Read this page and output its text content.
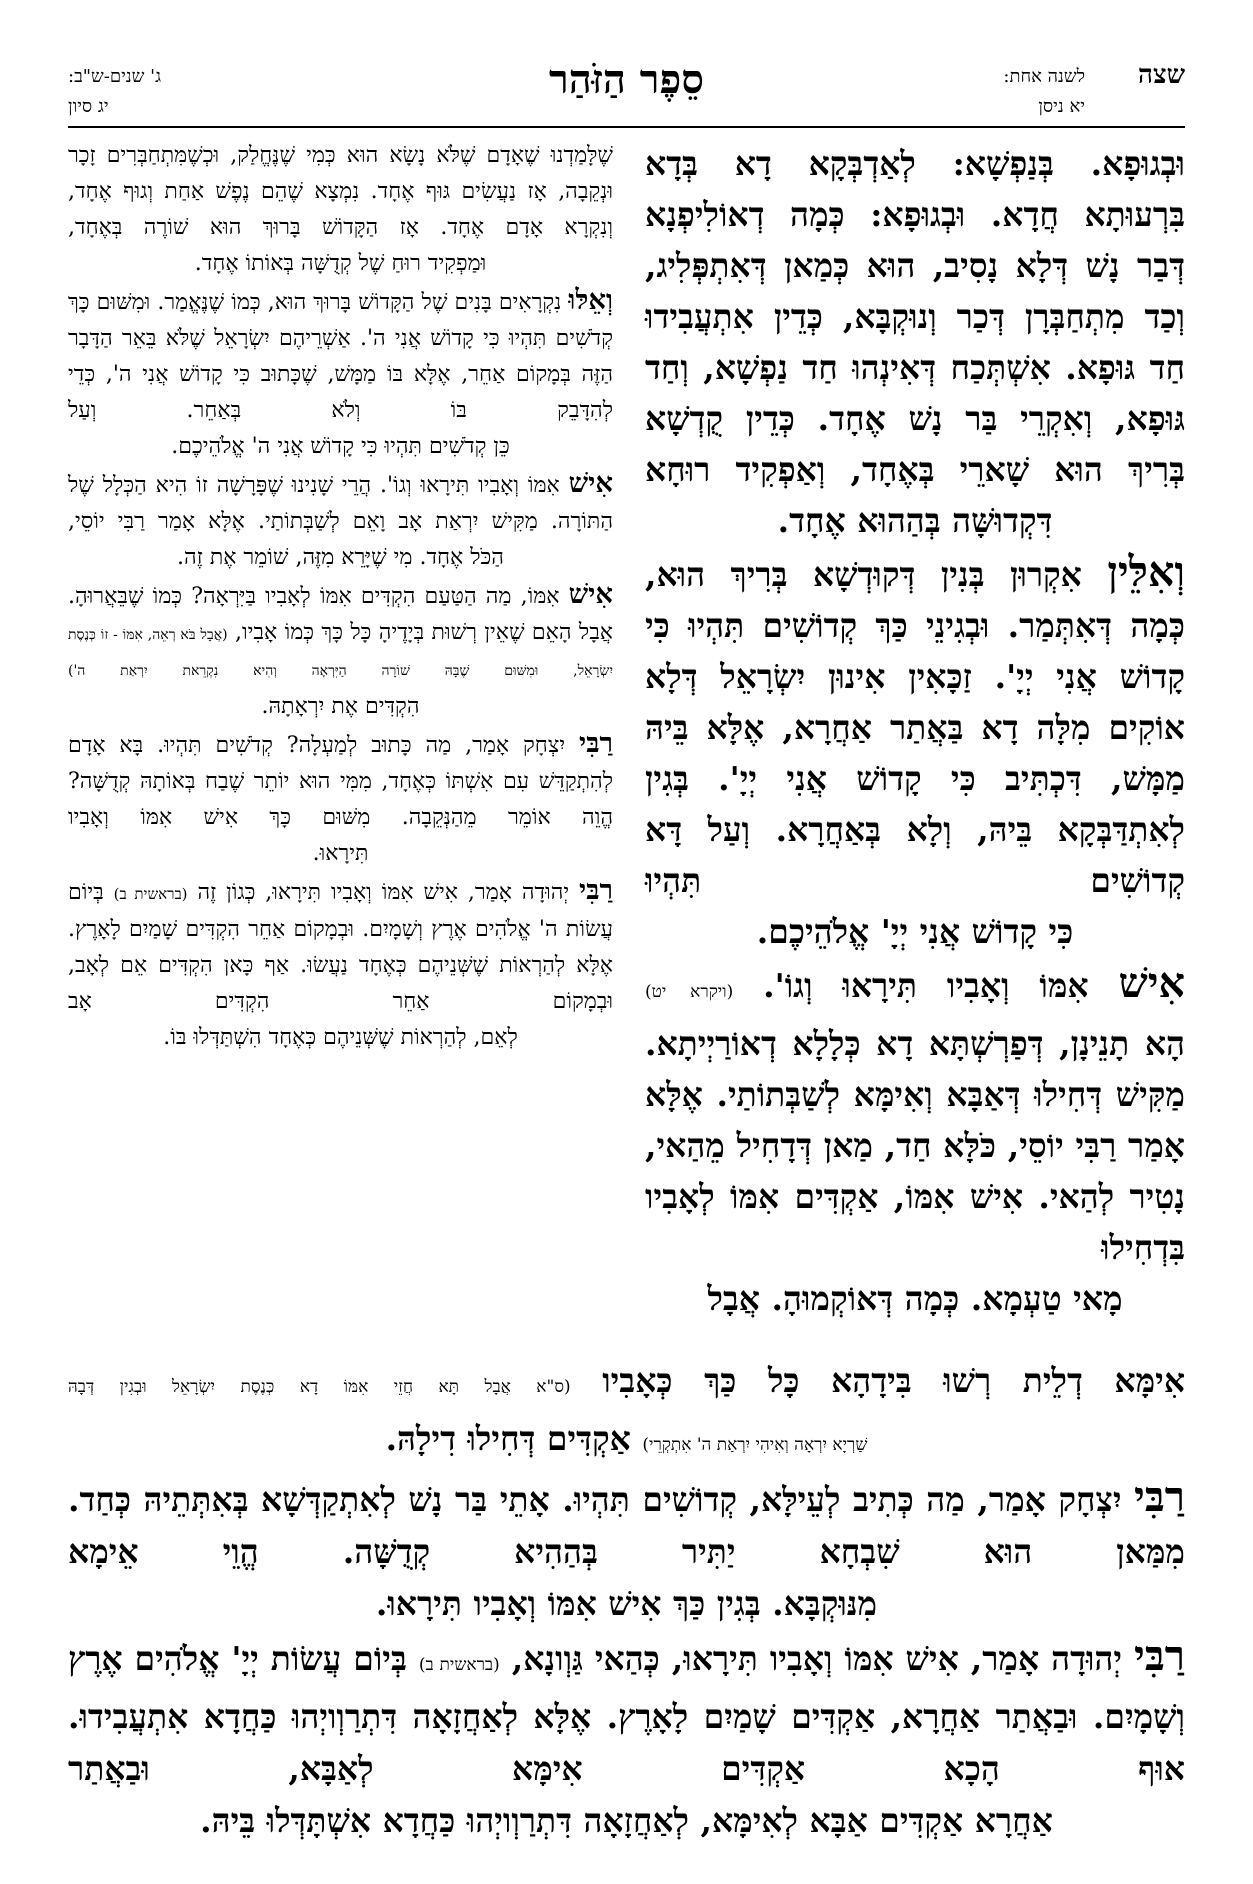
שצה
לשנה אחת:
יא ניסן
סֵפֶר הַזֹּהַר
ג' שנים-ש"ב:
יג סיון

וּבְגוּפָא. בְּנַפְשָׁא: לְאַדְבְּקָא דָא בְּדָא בִּרְעוּתָא חֲדָא. וּבְגוּפָא: כְּמָה דְאוֹלִיפְנָא דְּבַר נָשׁ דְּלָא נָסִיב, הוּא כְּמַאן דְּאִתְפְּלִיג, וְכַד מִתְחַבְּרָן דְּכַר וְנוּקְבָּא, כְּדֵין אִתְעֲבִידוּ חַד גּוּפָא. אִשְׁתְּכַח דְּאִינְהוּ חַד נַפְשָׁא, וְחַד גּוּפָא, וְאִקְרֵי בַּר נָשׁ אֶחָד. כְּדֵין קֻדְשָׁא בְּרִיךְ הוּא שָׁארֵי בְּאֶחָד, וְאַפְקִיד רוּחָא

דִּקְדוּשָּׁה בְּהַהוּא אֶחָד.

וְאִלֵּין אִקְרוּן בְּנִין דְּקוּדְשָׁא בְּרִיךְ הוּא,

כְּמָה דְּאִתְּמַר. וּבְגִינֵי כַּךְ קְדוֹשִׁים תִּהְיוּ כִּי קָדוֹשׁ אֲנִי יְיָ'. זַכָּאִין אִינוּן יִשְׂרָאֵל דְּלָא אוֹקִים מִלָּה דָא בַּאֲתַר אַחֲרָא, אֶלָּא בֵּיהּ מַמָּשׁ, דִּכְתִּיב כִּי קָדוֹשׁ אֲנִי יְיָ'. בְּגִין לְאִתְדַּבְּקָא בֵּיהּ, וְלָא בְּאַחֲרָא. וְעַל דָּא קְדוֹשִׁים תִּהְיוּ

כִּי קָדוֹשׁ אֲנִי יְיָ' אֱלֹהֵיכֶם.

אִישׁ אִמּוֹ וְאָבִיו תִּירָאוּ וְגוֹ'. (ויקרא יט)

הָא תָנֵינָן, דְּפַרְשְׁתָּא דָא כְּלָלָא דְאוֹרַיְיתָא. מַקִּישׁ דְּחִילוּ דְּאַבָּא וְאִימָּא לְשַׁבְּתוֹתַי. אֶלָּא אָמַר רַבִּי יוֹסֵי, כֹּלָּא חַד, מַאן דְּדָחִיל מֵהַאי, נָטִיר לְהַאי. אִישׁ אִמּוֹ, אַקְדִּים אִמּוֹ לְאָבִיו בִּדְחִילוּ

מָאי טַעְמָא. כְּמָה דְּאוֹקְמוּהָ. אֲבָל

שֶׁלָּמַדְנוּ שֶׁאָדָם שֶׁלֹּא נָשָׂא הוּא כְּמִי שֶׁנֶּחֱלַק, וּכְשֶׁמִּתְחַבְּרִים זָכָר וּנְקֵבָה, אָז נַעֲשִׂים גּוּף אֶחָד. נִמְצָא שֶׁהֵם נֶפֶשׁ אַחַת וְגוּף אֶחָד, וְנִקְרָא אָדָם אֶחָד. אָז הַקָּדוֹשׁ בָּרוּךְ הוּא שׁוֹרֶה בְּאֶחָד,

וּמַפְקִיד רוּחַ שֶׁל קְדֻשָּׁה בְּאוֹתוֹ אֶחָד.

וְאֵלּוּ נִקְרָאִים בָּנִים שֶׁל הַקָּדוֹשׁ בָּרוּךְ הוּא, כְּמוֹ שֶׁנֶּאֱמַר. וּמִשּׁוּם כָּךְ קְדֹשִׁים תִּהְיוּ כִּי קָדוֹשׁ אֲנִי ה'. אַשְׁרֵיהֶם יִשְׂרָאֵל שֶׁלֹּא בֵּאֵר הַדָּבָר הַזֶּה בְּמָקוֹם אַחֵר, אֶלָּא בּוֹ מַמָּשׁ, שֶׁכָּתוּב כִּי קָדוֹשׁ אֲנִי ה', כְּדֵי לְהִדָּבֵק בּוֹ וְלֹא בְּאַחֵר. וְעַל

כֵּן קְדֹשִׁים תִּהְיוּ כִּי קָדוֹשׁ אֲנִי ה' אֱלֹהֵיכֶם.

אִישׁ אִמּוֹ וְאָבִיו תִּירָאוּ וְגוֹ'. הֲרֵי שָׁנִינוּ שֶׁפָּרָשָׁה זוֹ הִיא הַכְּלָל שֶׁל הַתּוֹרָה. מַקִּישׁ יִרְאַת אָב וָאֵם לְשַׁבְּתוֹתַי. אֶלָּא אָמַר רַבִּי יוֹסֵי,

הַכֹּל אֶחָד. מִי שֶׁיָּרֵא מִזֶּה, שׁוֹמֵר אֶת זֶה.

אִישׁ אִמּוֹ, מַה הַטַּעַם הִקְדִּים אִמּוֹ לְאָבִיו בַּיִּרְאָה? כְּמוֹ שֶׁבֵּאֲרוּהָ. אֲבָל הָאֵם שֶׁאֵין רְשׁוּת בְּיָדֶיהָ כָּל כָּךְ כְּמוֹ אָבִיו, (אֲבָל בֹּא רְאֵה, אִמּוֹ - זוֹ כְּנֶסֶת

יִשְׂרָאֵל, וּמִשּׁוּם שֶׁבָּהּ שׁוֹרָה הַיִּרְאָה וְהִיא נִקְרֵאת יִרְאַת ה')

הִקְדִּים אֶת יִרְאָתָהּ.

רַבִּי יִצְחָק אָמַר, מַה כָּתוּב לְמַעְלָה? קְדֹשִׁים תִּהְיוּ. בָּא אָדָם לְהִתְקַדֵּשׁ עִם אִשְׁתּוֹ כְּאֶחָד, מִמִּי הוּא יוֹתֵר שֶׁבַח בְּאוֹתָהּ קְדֻשָּׁה? הֱוֵה אוֹמֵר מֵהַנְּקֵבָה. מִשּׁוּם כָּךְ אִישׁ אִמּוֹ וְאָבִיו

תִּירָאוּ.

רַבִּי יְהוּדָה אָמַר, אִישׁ אִמּוֹ וְאָבִיו תִּירָאוּ, כְּגוֹן זֶה (בראשית ב) בְּיוֹם עֲשׂוֹת ה' אֱלֹהִים אֶרֶץ וְשָׁמָיִם. וּבְמָקוֹם אַחֵר הִקְדִּים שָׁמַיִם לָאָרֶץ. אֶלָּא לְהַרְאוֹת שֶׁשְּׁנֵיהֶם כְּאֶחָד נַעֲשׂוּ. אַף כָּאן הִקְדִּים אֵם לְאָב, וּבְמָקוֹם אַחֵר הִקְדִּים אָב

לְאֵם, לְהַרְאוֹת שֶׁשְּׁנֵיהֶם כְּאֶחָד הִשְׁתַּדְּלוּ בּוֹ.

אִימָּא דְלֵית רְשׁוּ בִּידָהָא כָּל כַּךְ כְּאָבִיו (ס"א אֲבָל תָּא חֲזֵי אִמּוֹ דָא כְּנֶסֶת יִשְׂרָאֵל וּבְגִין דְּבָהּ

שַׁרְיָא יִרְאָה וְאִיהִי יִרְאַת ה' אִתְקְרֵי) אַקְדִּים דְּחִילוּ דִילָהּ.

רַבִּי יִצְחָק אָמַר, מַה כְּתִיב לְעֵילָּא, קְדוֹשִׁים תִּהְיוּ. אָתֵי בַּר נָשׁ לְאִתְקַדְּשָׁא בְּאִתְּתֵיהּ כְּחַד. מִמַּאן הוּא שִׁבְחָא יַתִּיר בְּהַהִיא קְדֻשָּׁה. הֱוֵי אֵימָא

מִנּוּקְבָּא. בְּגִין כַּךְ אִישׁ אִמּוֹ וְאָבִיו תִּירָאוּ.

רַבִּי יְהוּדָה אָמַר, אִישׁ אִמּוֹ וְאָבִיו תִּירָאוּ, כְּהַאי גַּוְונָא, (בראשית ב) בְּיוֹם עֲשׂוֹת יְיָ' אֱלֹהִים אֶרֶץ וְשָׁמָיִם. וּבַאֲתַר אַחֲרָא, אַקְדִּים שָׁמַיִם לָאָרֶץ. אֶלָּא לְאַחֲזָאָה דִּתְרַוְויְהוּ כַּחֲדָא אִתְעֲבִידוּ. אוּף הָכָא אַקְדִּים אִימָּא לְאַבָּא, וּבַאֲתַר

אַחֲרָא אַקְדִּים אַבָּא לְאִימָּא, לְאַחֲזָאָה דִּתְרַוְויְהוּ כַּחֲדָא אִשְׁתָּדְּלוּ בֵּיהּ.
